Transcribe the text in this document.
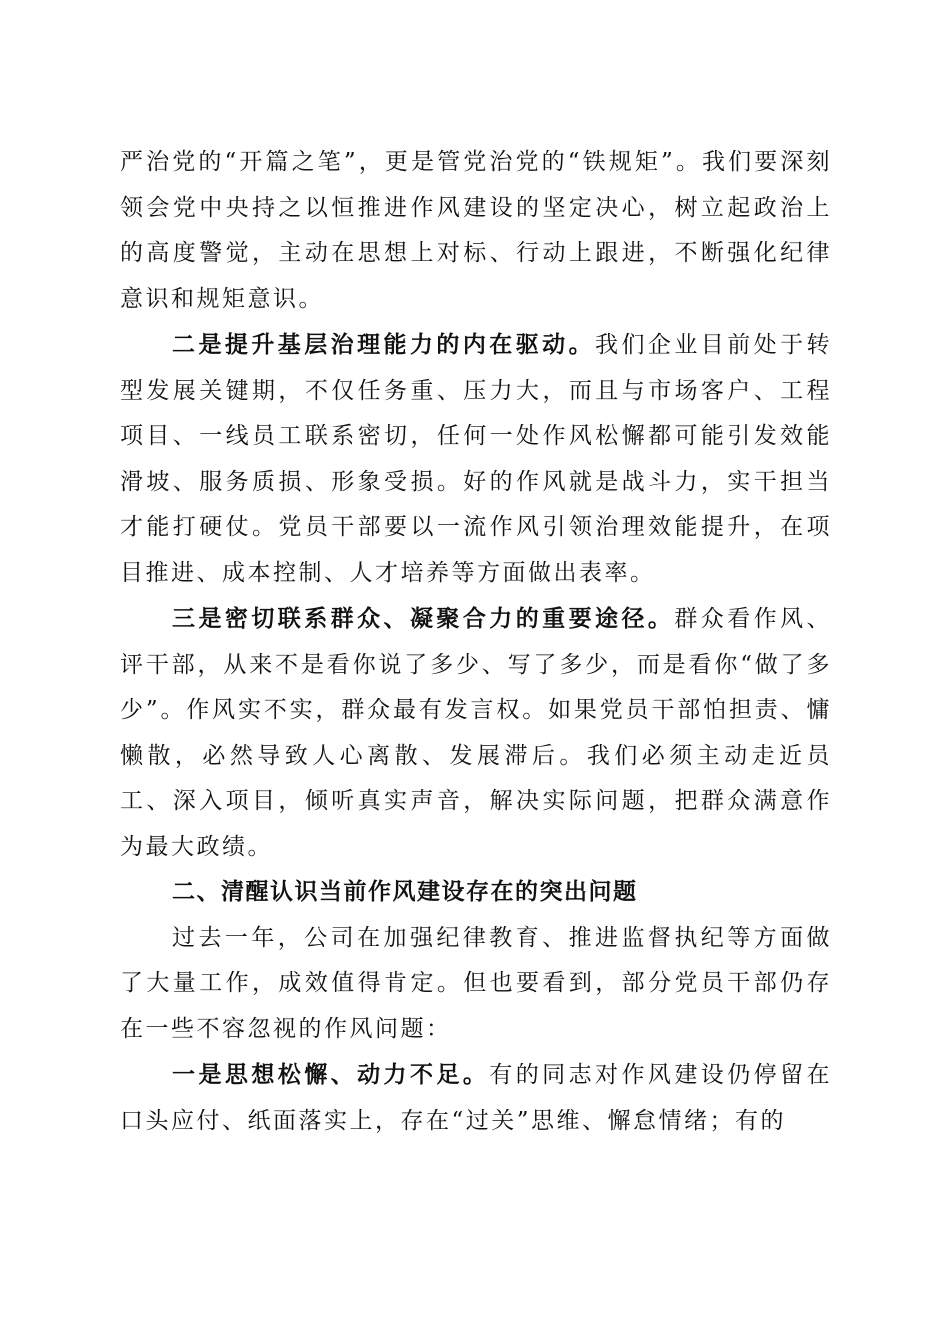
严治党的“开篇之笔”，更是管党治党的“铁规矩”。我们要深刻领会党中央持之以恒推进作风建设的坚定决心，树立起政治上的高度警觉，主动在思想上对标、行动上跟进，不断强化纪律意识和规矩意识。

二是提升基层治理能力的内在驱动。我们企业目前处于转型发展关键期，不仅任务重、压力大，而且与市场客户、工程项目、一线员工联系密切，任何一处作风松懈都可能引发效能滑坡、服务质损、形象受损。好的作风就是战斗力，实干担当才能打硬仗。党员干部要以一流作风引领治理效能提升，在项目推进、成本控制、人才培养等方面做出表率。

三是密切联系群众、凝聚合力的重要途径。群众看作风、评干部，从来不是看你说了多少、写了多少，而是看你“做了多少”。作风实不实，群众最有发言权。如果党员干部怕担责、慵懒散，必然导致人心离散、发展滞后。我们必须主动走近员工、深入项目，倾听真实声音，解决实际问题，把群众满意作为最大政绩。

二、清醒认识当前作风建设存在的突出问题

过去一年，公司在加强纪律教育、推进监督执纪等方面做了大量工作，成效值得肯定。但也要看到，部分党员干部仍存在一些不容忽视的作风问题：

一是思想松懈、动力不足。有的同志对作风建设仍停留在口头应付、纸面落实上，存在“过关”思维、懈怠情绪；有的
